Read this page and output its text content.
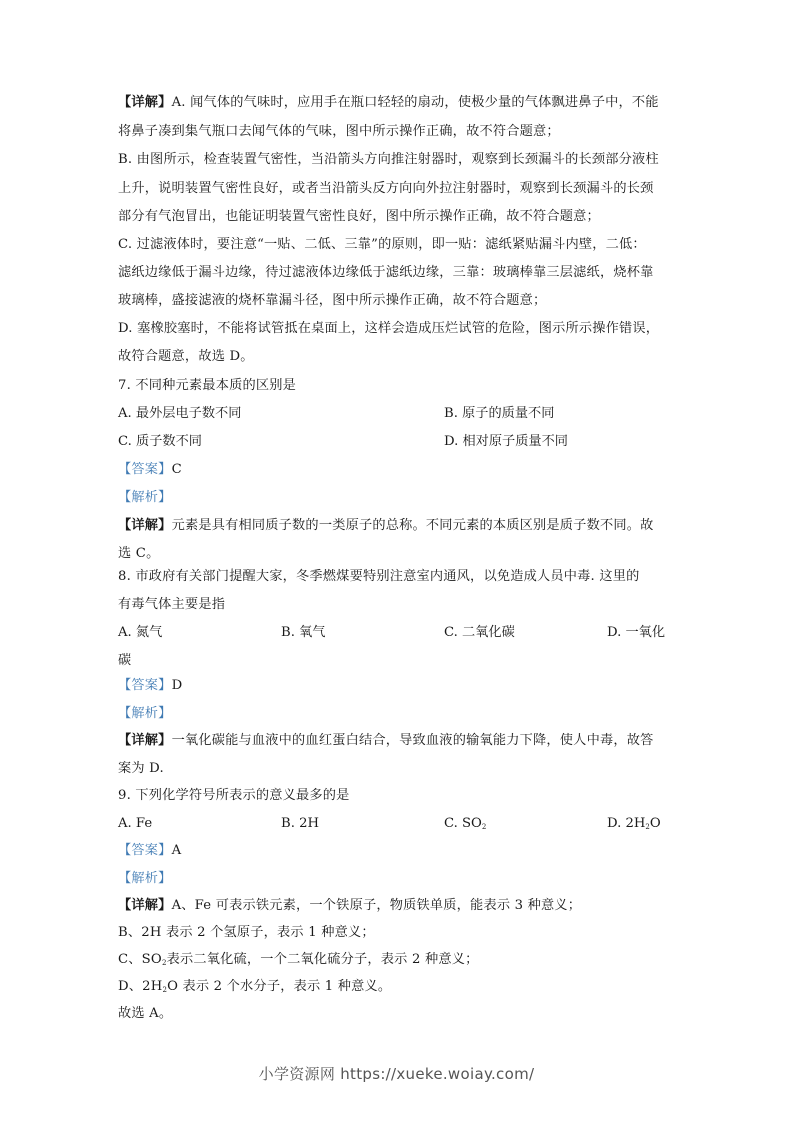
【详解】A. 闻气体的气味时，应用手在瓶口轻轻的扇动，使极少量的气体飘进鼻子中，不能
将鼻子凑到集气瓶口去闻气体的气味，图中所示操作正确，故不符合题意；
B. 由图所示，检查装置气密性，当沿箭头方向推注射器时，观察到长颈漏斗的长颈部分液柱
上升，说明装置气密性良好，或者当沿箭头反方向向外拉注射器时，观察到长颈漏斗的长颈
部分有气泡冒出，也能证明装置气密性良好，图中所示操作正确，故不符合题意；
C. 过滤液体时，要注意“一贴、二低、三靠”的原则，即一贴：滤纸紧贴漏斗内壁，二低：
滤纸边缘低于漏斗边缘，待过滤液体边缘低于滤纸边缘，三靠：玻璃棒靠三层滤纸，烧杯靠
玻璃棒，盛接滤液的烧杯靠漏斗径，图中所示操作正确，故不符合题意；
D. 塞橡胶塞时，不能将试管抵在桌面上，这样会造成压烂试管的危险，图示所示操作错误，
故符合题意，故选 D。
7. 不同种元素最本质的区别是
A. 最外层电子数不同	B. 原子的质量不同
C. 质子数不同	D. 相对原子质量不同
【答案】C
【解析】
【详解】元素是具有相同质子数的一类原子的总称。不同元素的本质区别是质子数不同。故
选 C。
8. 市政府有关部门提醒大家，冬季燃煤要特别注意室内通风，以免造成人员中毒. 这里的
有毒气体主要是指
A. 氮气	B. 氧气	C. 二氧化碳	D. 一氧化
碳
【答案】D
【解析】
【详解】一氧化碳能与血液中的血红蛋白结合，导致血液的输氧能力下降，使人中毒，故答
案为 D.
9. 下列化学符号所表示的意义最多的是
A. Fe	B. 2H	C. $SO_2$	D. $2H_2O$
【答案】A
【解析】
【详解】A、Fe 可表示铁元素，一个铁原子，物质铁单质，能表示 3 种意义；
B、2H 表示 2 个氢原子，表示 1 种意义；
C、$SO_2$表示二氧化硫，一个二氧化硫分子，表示 2 种意义；
D、$2H_2O$ 表示 2 个水分子，表示 1 种意义。
故选 A。
小学资源网 https://xueke.woiay.com/
